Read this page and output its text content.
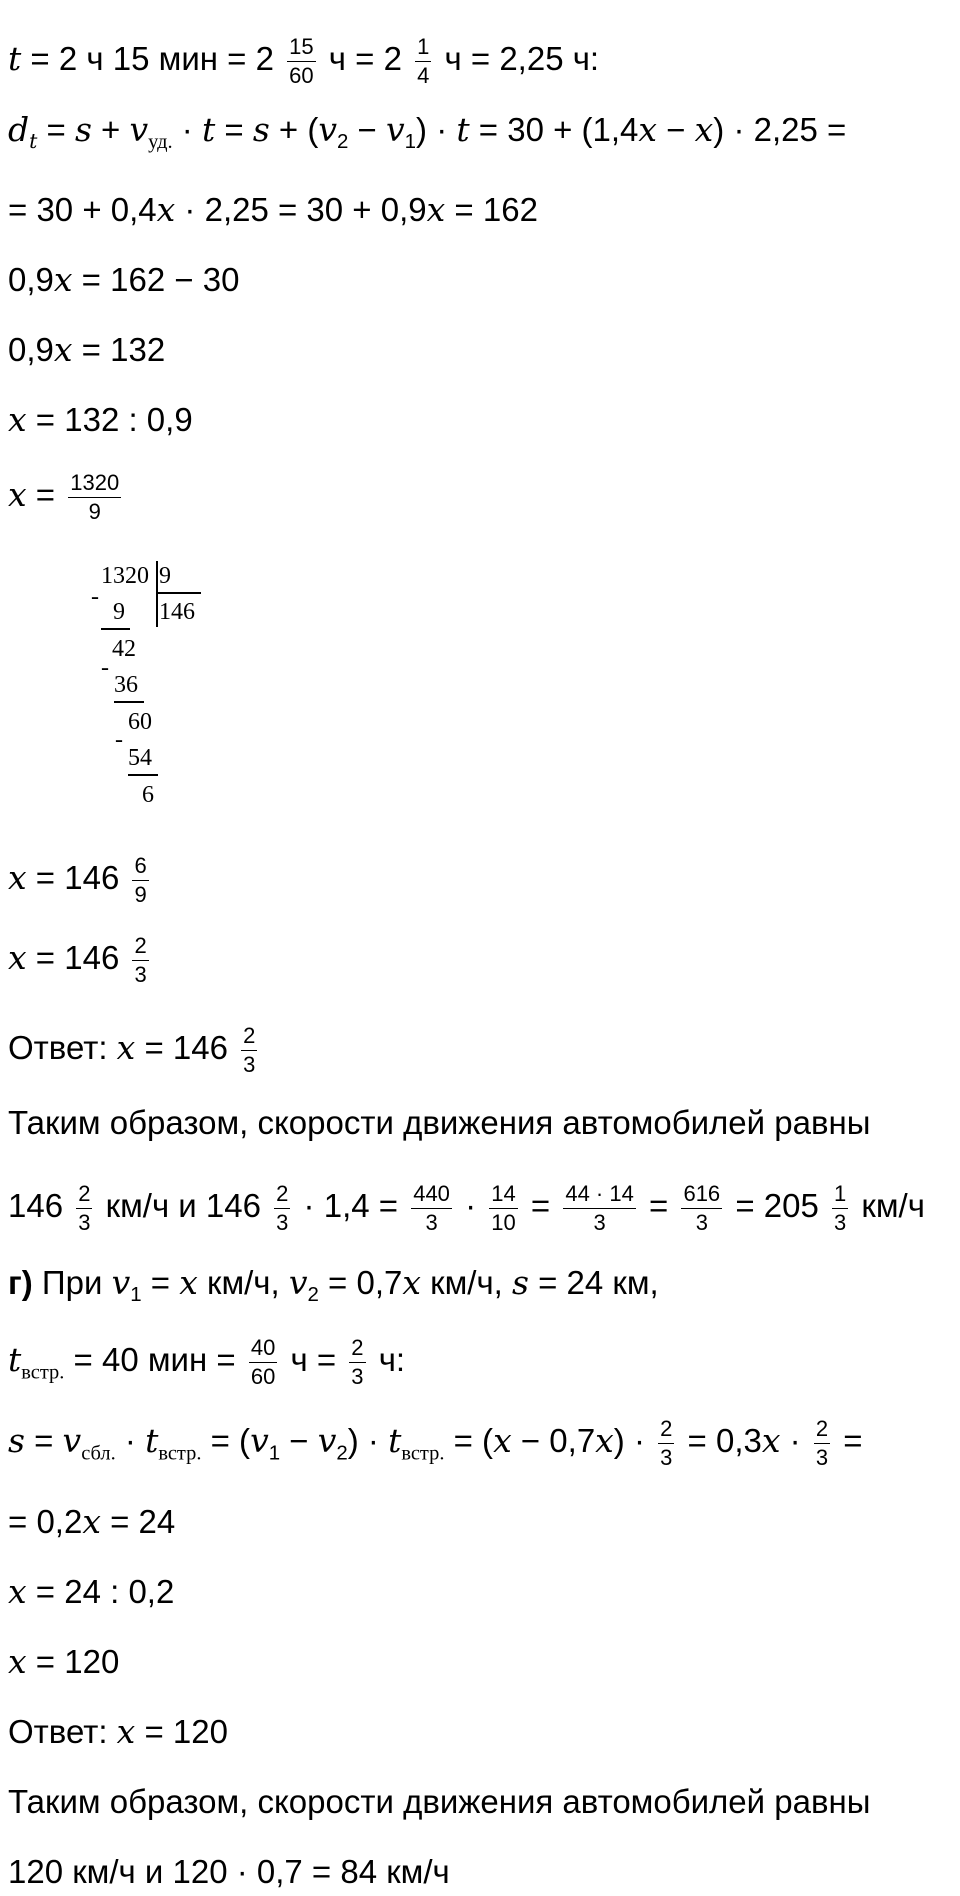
t = 2 ч 15 мин = $2 \frac{15}{60}$ $ч = 2 \frac{1}{4}$ ч = 2,25 ч:
$d_t = s + v_{уд.} \cdot t = s + (v_2 - v_1) \cdot t = 30 + (1,4x - x) \cdot 2,25$ =
= 30 + 0,4x · 2,25 = 30 + 0,9x = 162
0,9x = 162 − 30
0,9x = 132
x = 132 : 0,9
$x = \frac{1320}{9}$
1320 9
146
-
9
42
-
36
60
-
54
6
$x = 146 \frac{6}{9}$
$x = 146 \frac{2}{3}$
Ответ: $x = 146 \frac{2}{3}$
Таким образом, скорости движения автомобилей равны
$146 \frac{2}{3} км/ч$ и $146 \frac{2}{3} \cdot 1,4 = \frac{440}{3} \cdot \frac{14}{10} = \frac{44 \cdot 14}{3} = \frac{616}{3} = 205 \frac{1}{3} км/ч$
г) При $v_1 = x$ км/ч, $v_2 = 0,7x$ км/ч, s = 24 км,
$t_{встр.} = 40$ мин = $\frac{40}{60}$ $ч = \frac{2}{3} ч$:
$s = v_{сбл.} \cdot t_{встр.} = (v_1 - v_2) \cdot t_{встр.} = (x - 0,7x) \cdot \frac{2}{3} = 0,3x \cdot \frac{2}{3}$ =
= 0,2x = 24
x = 24 : 0,2
x = 120
Ответ: x = 120
Таким образом, скорости движения автомобилей равны
120 км/ч и 120 · 0,7 = 84 км/ч
